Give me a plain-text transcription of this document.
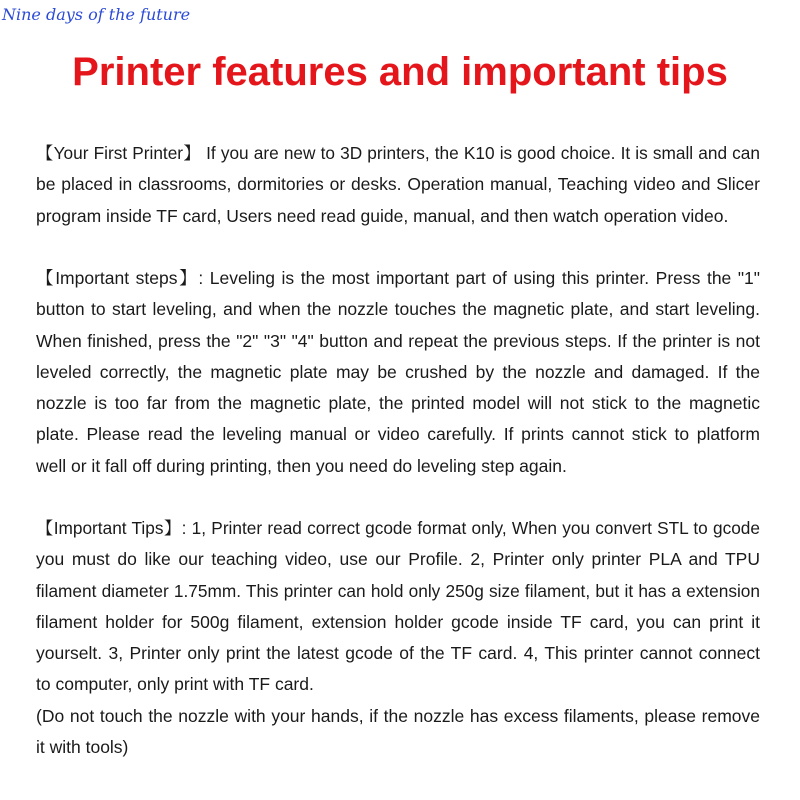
Nine days of the future
Printer features and important tips

【Your First Printer】 If you are new to 3D printers, the K10 is good choice. It is small and can
be placed in classrooms, dormitories or desks. Operation manual, Teaching video and Slicer
program inside TF card, Users need read guide, manual, and then watch operation video.

【Important steps】: Leveling is the most important part of using this printer. Press the "1"
button to start leveling, and when the nozzle touches the magnetic plate, and start leveling.
When finished, press the "2" "3" "4" button and repeat the previous steps. If the printer is not
leveled correctly, the magnetic plate may be crushed by the nozzle and damaged. If the
nozzle is too far from the magnetic plate, the printed model will not stick to the magnetic
plate. Please read the leveling manual or video carefully. If prints cannot stick to platform
well or it fall off during printing, then you need do leveling step again.

【Important Tips】: 1, Printer read correct gcode format only, When you convert STL to gcode
you must do like our teaching video, use our Profile. 2, Printer only printer PLA and TPU
filament diameter 1.75mm. This printer can hold only 250g size filament, but it has a extension
filament holder for 500g filament, extension holder gcode inside TF card, you can print it
yourselt. 3, Printer only print the latest gcode of the TF card. 4, This printer cannot connect
to computer, only print with TF card.
(Do not touch the nozzle with your hands, if the nozzle has excess filaments, please remove
it with tools)
